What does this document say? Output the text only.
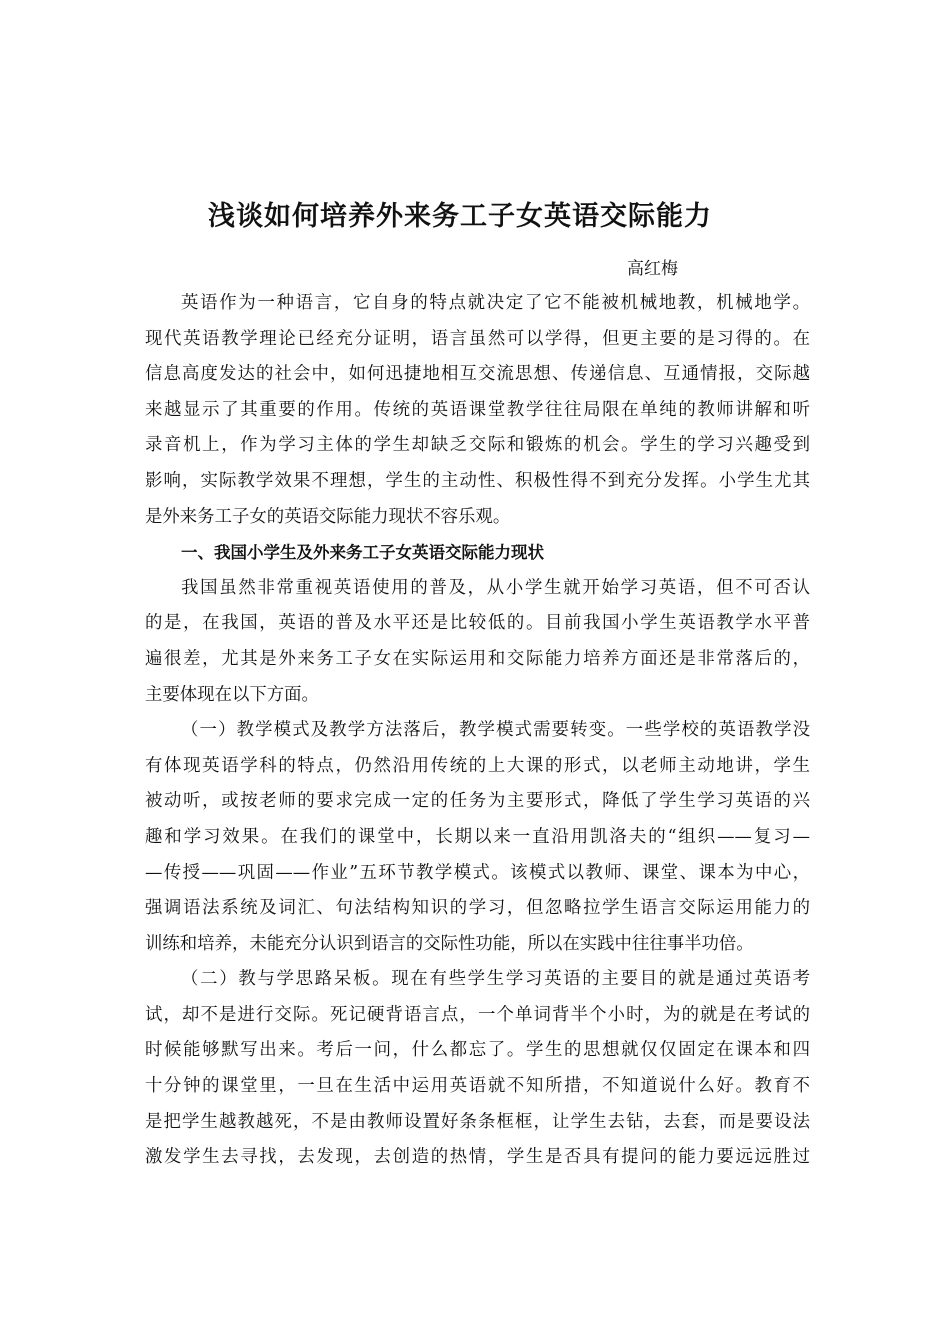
浅谈如何培养外来务工子女英语交际能力

高红梅

英语作为一种语言，它自身的特点就决定了它不能被机械地教，机械地学。
现代英语教学理论已经充分证明，语言虽然可以学得，但更主要的是习得的。在
信息高度发达的社会中，如何迅捷地相互交流思想、传递信息、互通情报，交际越
来越显示了其重要的作用。传统的英语课堂教学往往局限在单纯的教师讲解和听
录音机上，作为学习主体的学生却缺乏交际和锻炼的机会。学生的学习兴趣受到
影响，实际教学效果不理想，学生的主动性、积极性得不到充分发挥。小学生尤其
是外来务工子女的英语交际能力现状不容乐观。
一、我国小学生及外来务工子女英语交际能力现状
我国虽然非常重视英语使用的普及，从小学生就开始学习英语，但不可否认
的是，在我国，英语的普及水平还是比较低的。目前我国小学生英语教学水平普
遍很差，尤其是外来务工子女在实际运用和交际能力培养方面还是非常落后的，
主要体现在以下方面。
（一）教学模式及教学方法落后，教学模式需要转变。一些学校的英语教学没
有体现英语学科的特点，仍然沿用传统的上大课的形式，以老师主动地讲，学生
被动听，或按老师的要求完成一定的任务为主要形式，降低了学生学习英语的兴
趣和学习效果。在我们的课堂中，长期以来一直沿用凯洛夫的“组织——复习—
—传授——巩固——作业”五环节教学模式。该模式以教师、课堂、课本为中心，
强调语法系统及词汇、句法结构知识的学习，但忽略拉学生语言交际运用能力的
训练和培养，未能充分认识到语言的交际性功能，所以在实践中往往事半功倍。
（二）教与学思路呆板。现在有些学生学习英语的主要目的就是通过英语考
试，却不是进行交际。死记硬背语言点，一个单词背半个小时，为的就是在考试的
时候能够默写出来。考后一问，什么都忘了。学生的思想就仅仅固定在课本和四
十分钟的课堂里，一旦在生活中运用英语就不知所措，不知道说什么好。教育不
是把学生越教越死，不是由教师设置好条条框框，让学生去钻，去套，而是要设法
激发学生去寻找，去发现，去创造的热情，学生是否具有提问的能力要远远胜过
